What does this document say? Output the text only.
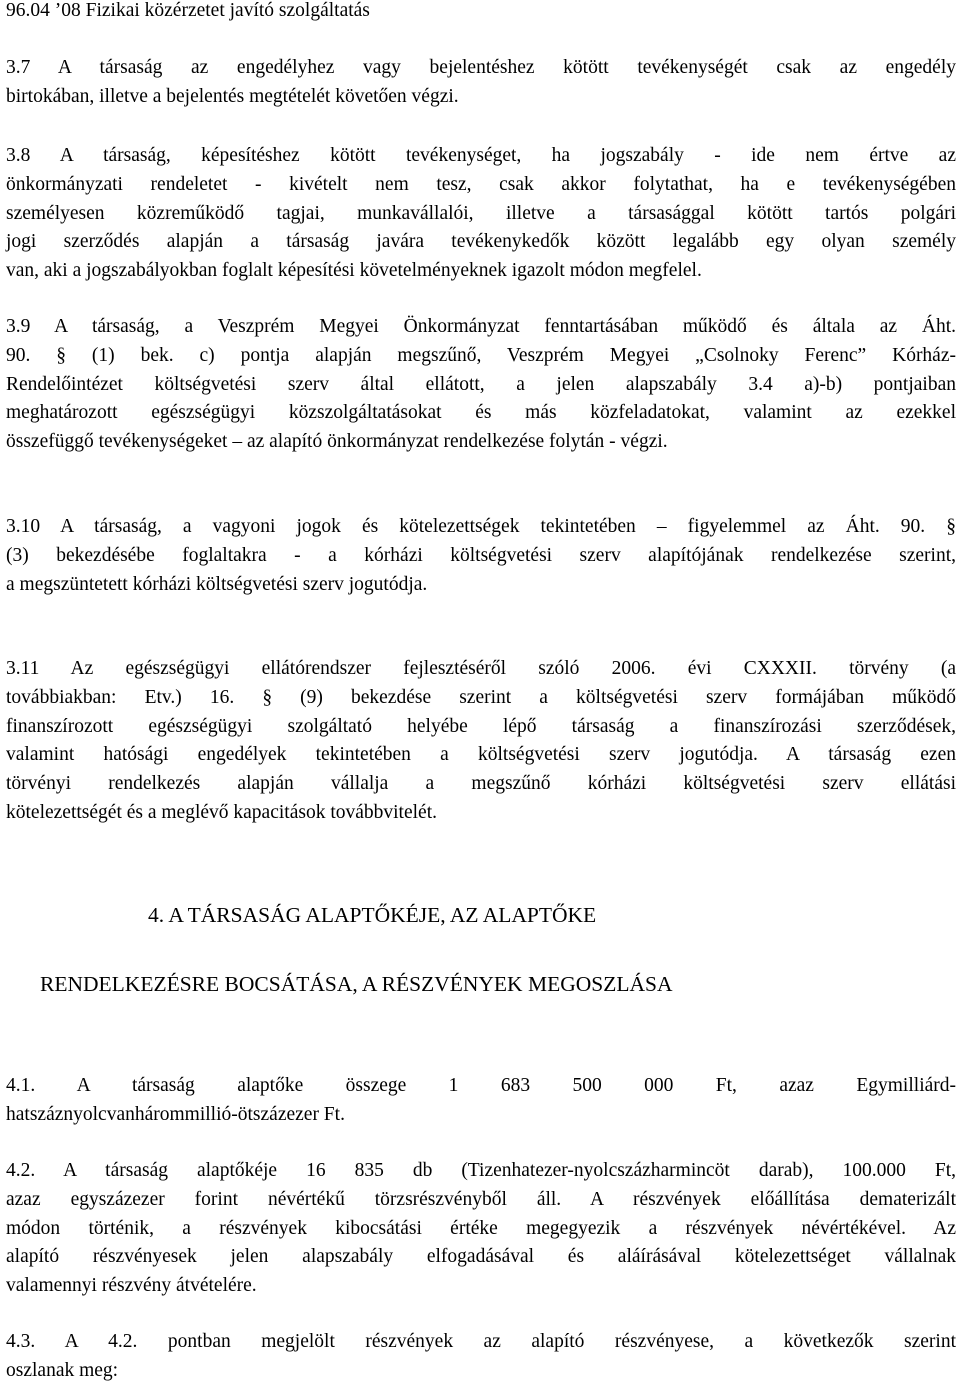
96.04 ’08 Fizikai közérzetet javító szolgáltatás

3.7 A társaság az engedélyhez vagy bejelentéshez kötött tevékenységét csak az engedély
birtokában, illetve a bejelentés megtételét követően végzi.

3.8 A társaság, képesítéshez kötött tevékenységet, ha jogszabály - ide nem értve az
önkormányzati rendeletet - kivételt nem tesz, csak akkor folytathat, ha e tevékenységében
személyesen közreműködő tagjai, munkavállalói, illetve a társasággal kötött tartós polgári
jogi szerződés alapján a társaság javára tevékenykedők között legalább egy olyan személy
van, aki a jogszabályokban foglalt képesítési követelményeknek igazolt módon megfelel.

3.9 A társaság, a Veszprém Megyei Önkormányzat fenntartásában működő és általa az Áht.
90. § (1) bek. c) pontja alapján megszűnő, Veszprém Megyei „Csolnoky Ferenc” Kórház-
Rendelőintézet költségvetési szerv által ellátott, a jelen alapszabály 3.4 a)-b) pontjaiban
meghatározott egészségügyi közszolgáltatásokat és más közfeladatokat, valamint az ezekkel
összefüggő tevékenységeket – az alapító önkormányzat rendelkezése folytán - végzi.

3.10 A társaság, a vagyoni jogok és kötelezettségek tekintetében – figyelemmel az Áht. 90. §
(3) bekezdésébe foglaltakra - a kórházi költségvetési szerv alapítójának rendelkezése szerint,
a megszüntetett kórházi költségvetési szerv jogutódja.

3.11 Az egészségügyi ellátórendszer fejlesztéséről szóló 2006. évi CXXXII. törvény (a
továbbiakban: Etv.) 16. § (9) bekezdése szerint a költségvetési szerv formájában működő
finanszírozott egészségügyi szolgáltató helyébe lépő társaság a finanszírozási szerződések,
valamint hatósági engedélyek tekintetében a költségvetési szerv jogutódja. A társaság ezen
törvényi rendelkezés alapján vállalja a megszűnő kórházi költségvetési szerv ellátási
kötelezettségét és a meglévő kapacitások továbbvitelét.

4. A TÁRSASÁG ALAPTŐKÉJE, AZ ALAPTŐKE

RENDELKEZÉSRE BOCSÁTÁSA, A RÉSZVÉNYEK MEGOSZLÁSA

4.1. A társaság alaptőke összege 1 683 500 000 Ft, azaz Egymilliárd-
hatszáznyolcvanhárommillió-ötszázezer Ft.

4.2. A társaság alaptőkéje 16 835 db (Tizenhatezer-nyolcszázharmincöt darab), 100.000 Ft,
azaz egyszázezer forint névértékű törzsrészvényből áll. A részvények előállítása dematerizált
módon történik, a részvények kibocsátási értéke megegyezik a részvények névértékével. Az
alapító részvényesek jelen alapszabály elfogadásával és aláírásával kötelezettséget vállalnak
valamennyi részvény átvételére.

4.3. A 4.2. pontban megjelölt részvények az alapító részvényese, a következők szerint
oszlanak meg:
